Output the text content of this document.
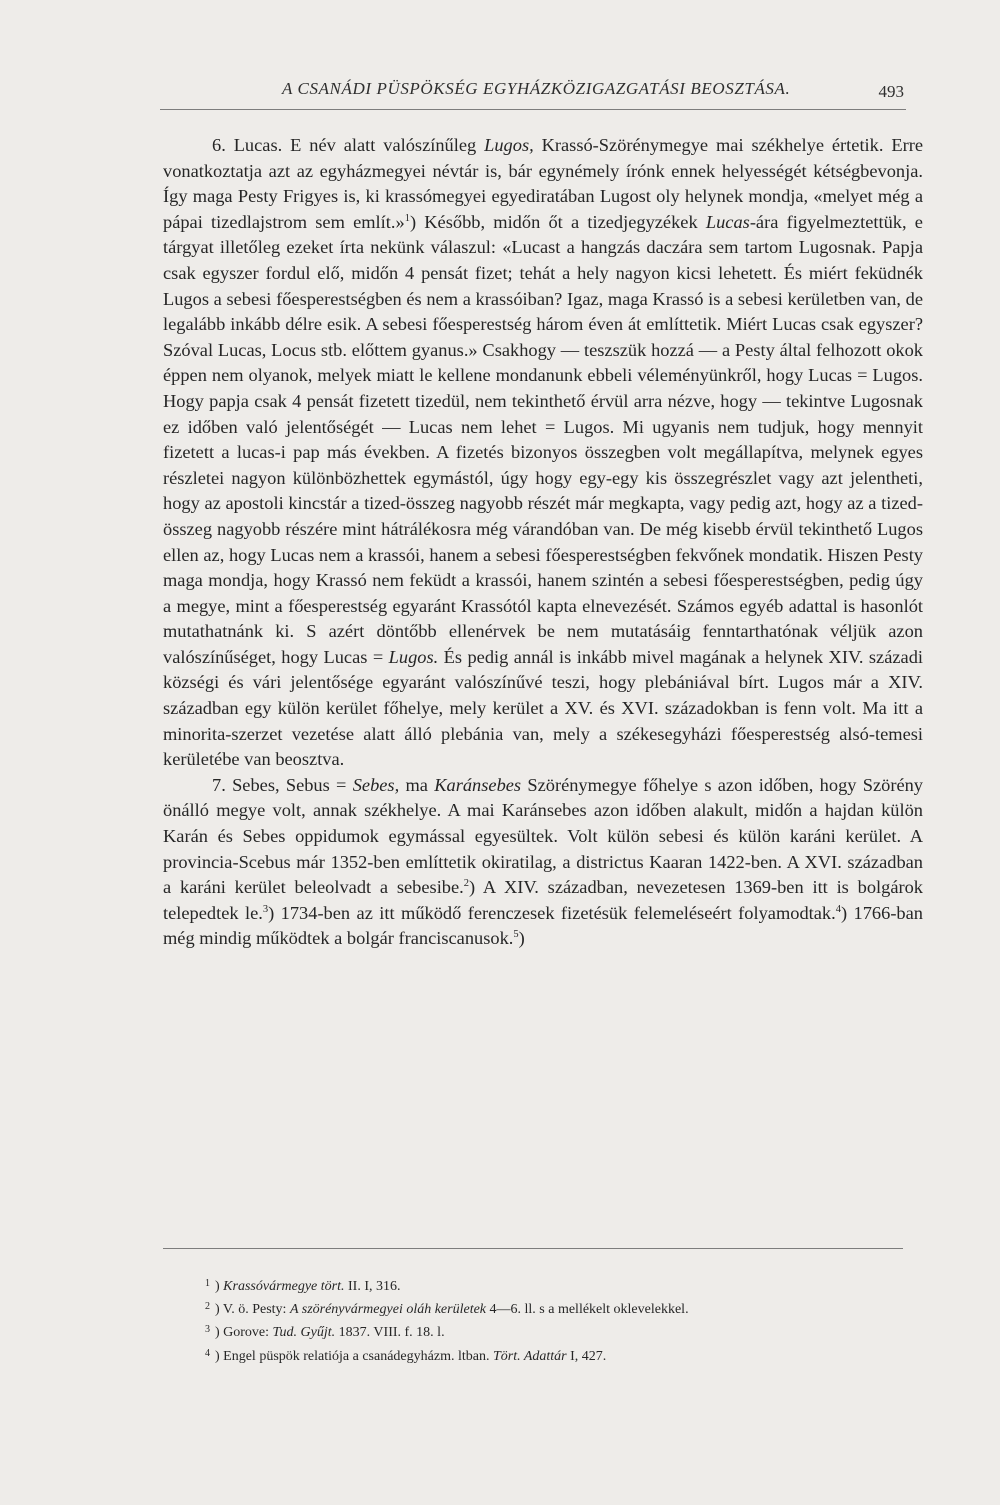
A CSANÁDI PÜSPÖKSÉG EGYHÁZKÖZIGAZGATÁSI BEOSZTÁSA.	493

6. Lucas. E név alatt valószínűleg Lugos, Krassó-Szörénymegye mai székhelye értetik. Erre vonatkoztatja azt az egyházmegyei névtár is, bár egynémely írónk ennek helyességét kétségbevonja. Így maga Pesty Frigyes is, ki krassómegyei egyediratában Lugost oly helynek mondja, «melyet még a pápai tizedlajstrom sem említ.»$^1$) Később, midőn őt a tizedjegyzékek Lucas-ára figyelmeztettük, e tárgyat illetőleg ezeket írta nekünk válaszul: «Lucast a hangzás daczára sem tartom Lugosnak. Papja csak egyszer fordul elő, midőn 4 pensát fizet; tehát a hely nagyon kicsi lehetett. És miért feküdnék Lugos a sebesi főesperestségben és nem a krassóiban? Igaz, maga Krassó is a sebesi kerületben van, de legalább inkább délre esik. A sebesi főesperestség három éven át említtetik. Miért Lucas csak egyszer? Szóval Lucas, Locus stb. előttem gyanus.» Csakhogy — teszszük hozzá — a Pesty által felhozott okok éppen nem olyanok, melyek miatt le kellene mondanunk ebbeli véleményünkről, hogy Lucas = Lugos. Hogy papja csak 4 pensát fizetett tizedül, nem tekinthető érvül arra nézve, hogy — tekintve Lugosnak ez időben való jelentőségét — Lucas nem lehet = Lugos. Mi ugyanis nem tudjuk, hogy mennyit fizetett a lucas-i pap más években. A fizetés bizonyos összegben volt megállapítva, melynek egyes részletei nagyon különbözhettek egymástól, úgy hogy egy-egy kis összegrészlet vagy azt jelentheti, hogy az apostoli kincstár a tized-összeg nagyobb részét már megkapta, vagy pedig azt, hogy az a tized-összeg nagyobb részére mint hátrálékosra még várandóban van. De még kisebb érvül tekinthető Lugos ellen az, hogy Lucas nem a krassói, hanem a sebesi főesperestségben fekvőnek mondatik. Hiszen Pesty maga mondja, hogy Krassó nem feküdt a krassói, hanem szintén a sebesi főesperestségben, pedig úgy a megye, mint a főesperestség egyaránt Krassótól kapta elnevezését. Számos egyéb adattal is hasonlót mutathatnánk ki. S azért döntőbb ellenérvek be nem mutatásáig fenntarthatónak véljük azon valószínűséget, hogy Lucas = Lugos. És pedig annál is inkább mivel magának a helynek XIV. századi községi és vári jelentősége egyaránt valószínűvé teszi, hogy plebániával bírt. Lugos már a XIV. században egy külön kerület főhelye, mely kerület a XV. és XVI. századokban is fenn volt. Ma itt a minorita-szerzet vezetése alatt álló plebánia van, mely a székesegyházi főesperestség alsó-temesi kerületébe van beosztva.

7. Sebes, Sebus = Sebes, ma Karánsebes Szörénymegye főhelye s azon időben, hogy Szörény önálló megye volt, annak székhelye. A mai Karánsebes azon időben alakult, midőn a hajdan külön Karán és Sebes oppidumok egymással egyesültek. Volt külön sebesi és külön karáni kerület. A provincia-Scebus már 1352-ben említtetik okiratilag, a districtus Kaaran 1422-ben. A XVI. században a karáni kerület beleolvadt a sebesibe.$^2$) A XIV. században, nevezetesen 1369-ben itt is bolgárok telepedtek le.$^3$) 1734-ben az itt működő ferenczesek fizetésük felemeléseért folyamodtak.$^4$) 1766-ban még mindig működtek a bolgár franciscanusok.$^5$)

$^1$ ) Krassóvármegye tört. II. I, 316.
$^2$ ) V. ö. Pesty: A szörényvármegyei oláh kerületek 4—6. ll. s a mellékelt oklevelekkel.
$^3$ ) Gorove: Tud. Gyűjt. 1837. VIII. f. 18. l.
$^4$ ) Engel püspök relatiója a csanádegyházm. ltban. Tört. Adattár I, 427.
